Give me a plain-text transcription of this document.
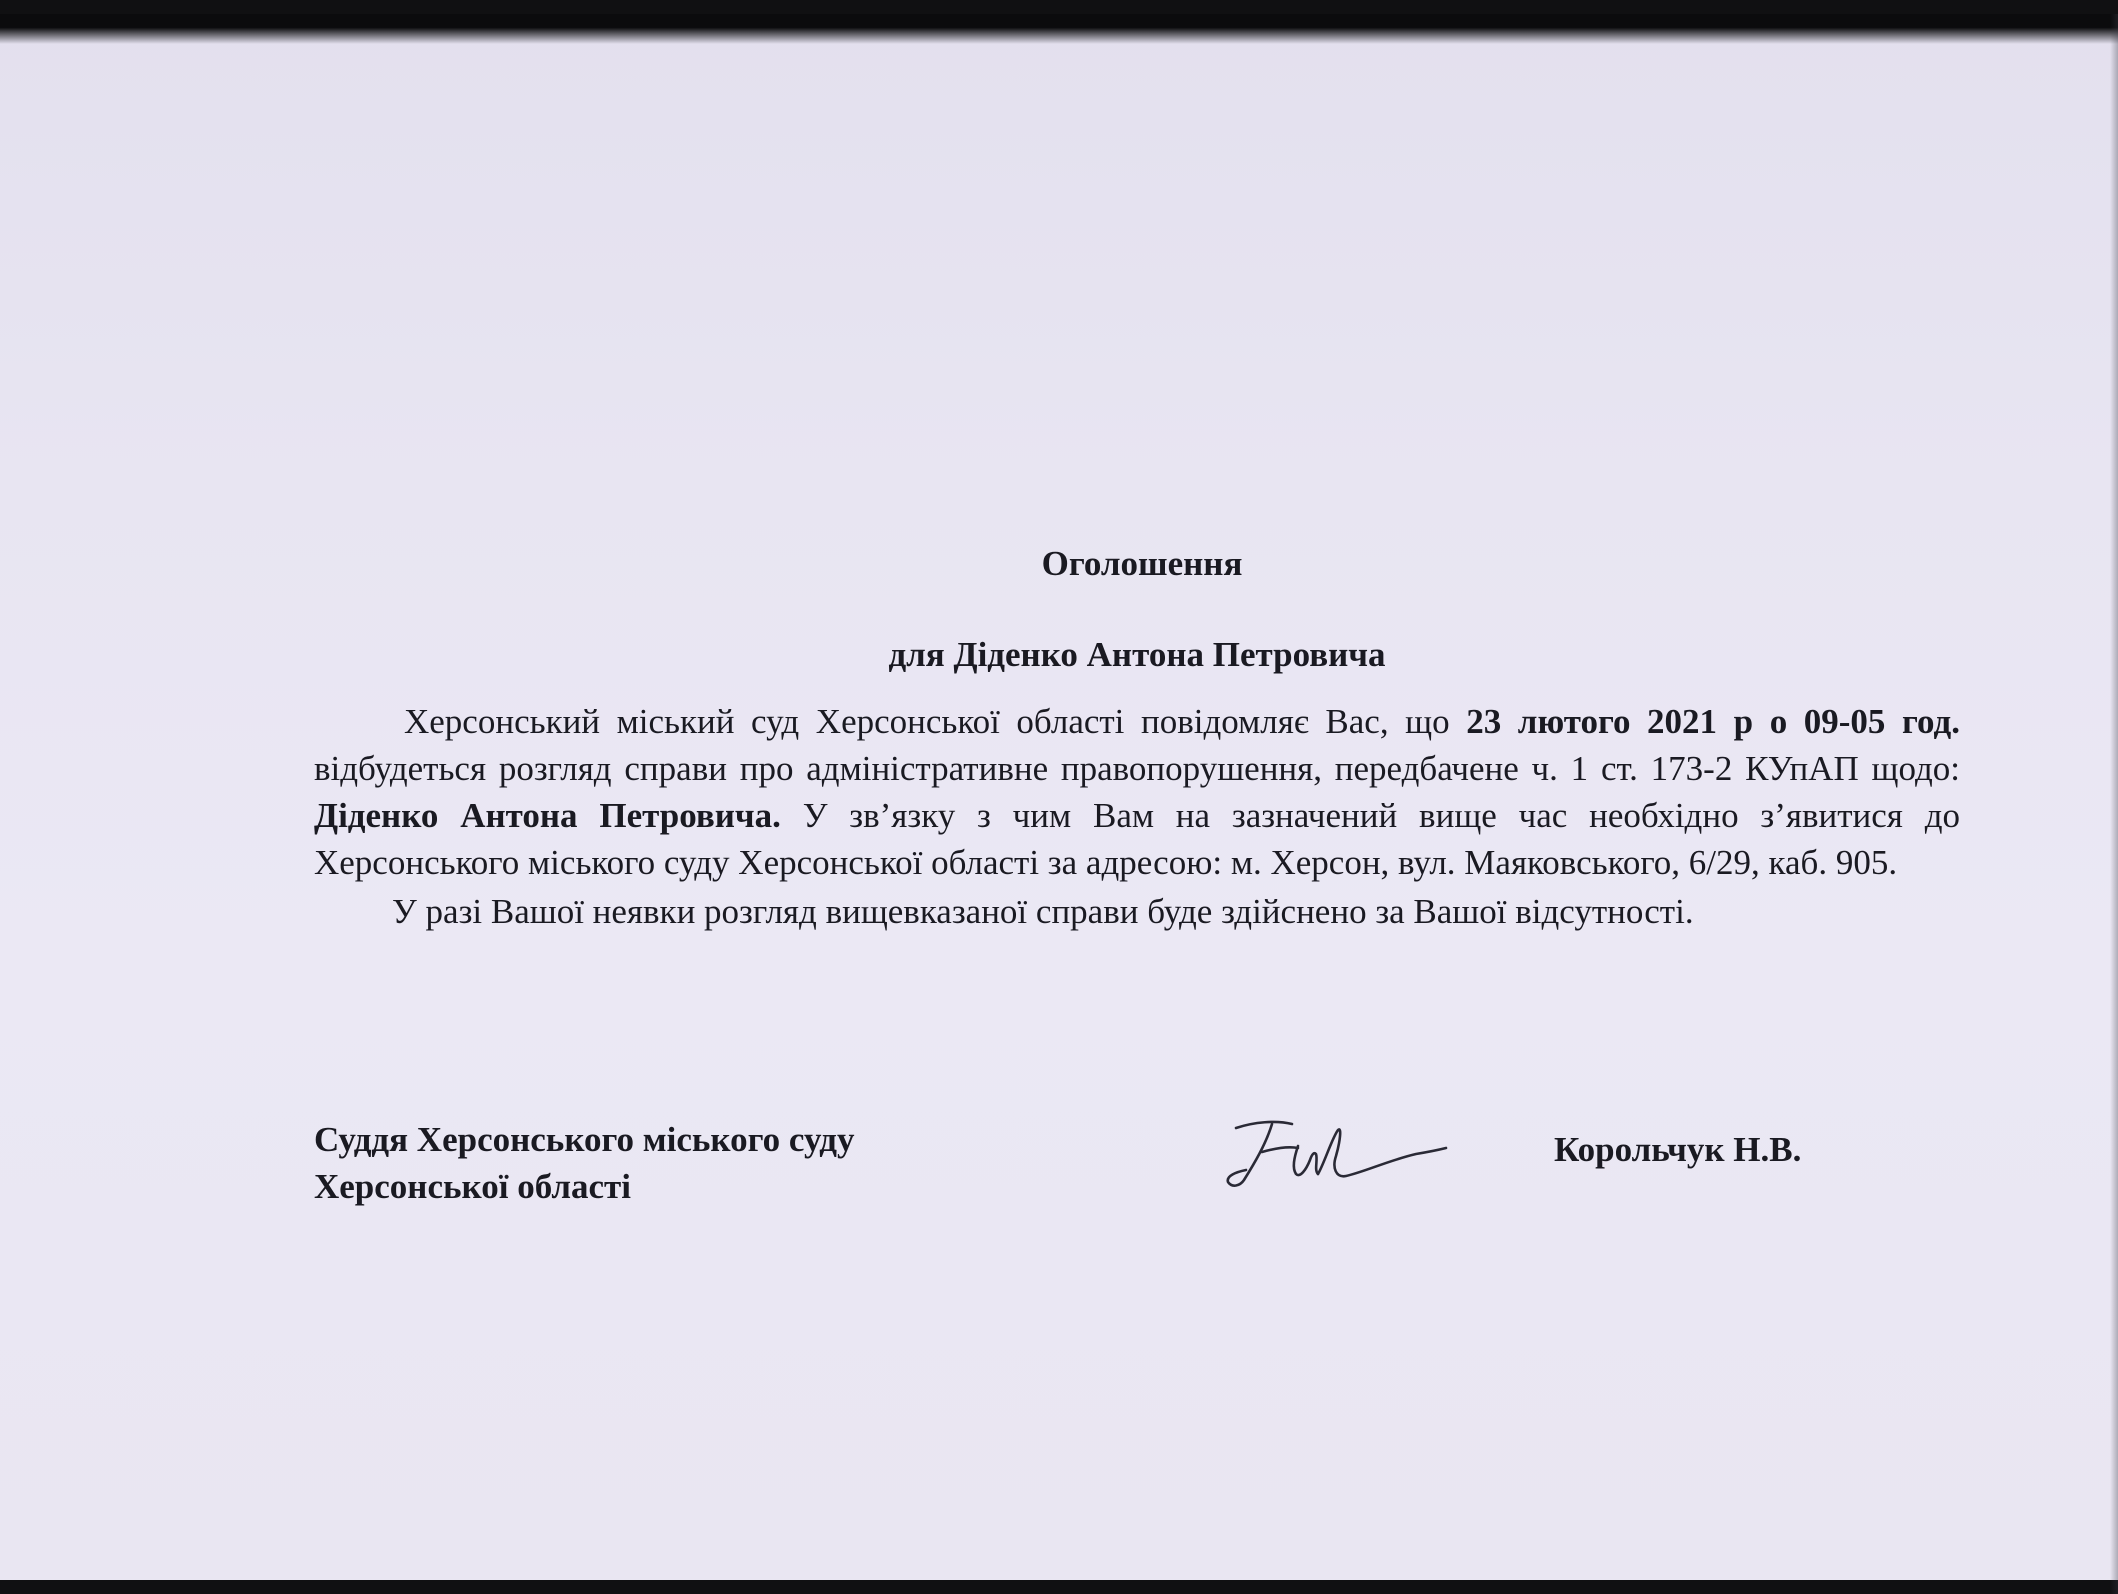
Оголошення
для Діденко Антона Петровича

Херсонський міський суд Херсонської області повідомляє Вас, що 23 лютого 2021 р о 09-05 год. відбудеться розгляд справи про адміністративне правопорушення, передбачене ч. 1 ст. 173-2 КУпАП щодо: Діденко Антона Петровича. У зв’язку з чим Вам на зазначений вище час необхідно з’явитися до Херсонського міського суду Херсонської області за адресою: м. Херсон, вул. Маяковського, 6/29, каб. 905.

У разі Вашої неявки розгляд вищевказаної справи буде здійснено за Вашої відсутності.

Суддя Херсонського міського суду
Херсонської області
Корольчук Н.В.
